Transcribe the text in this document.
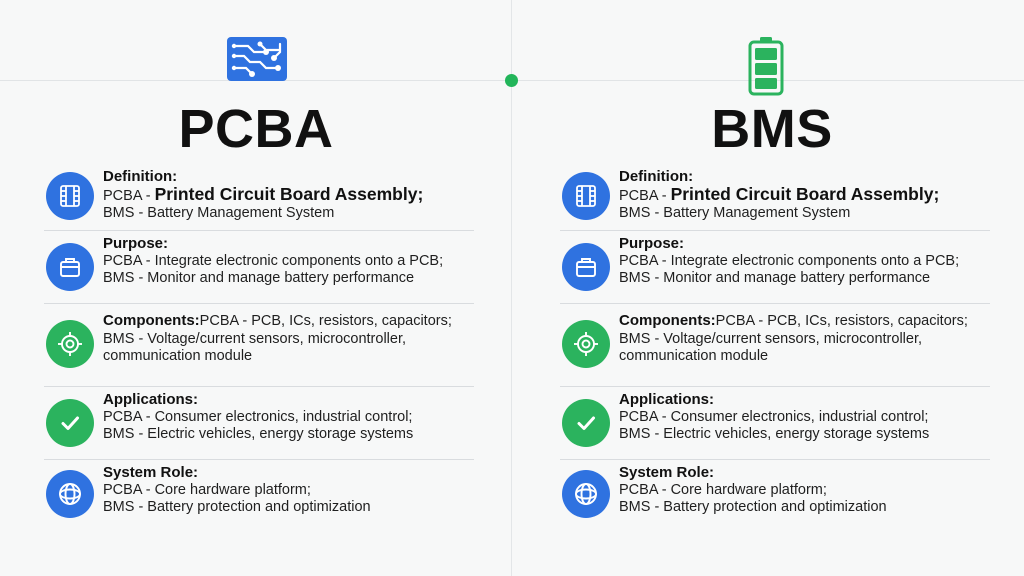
PCBA
Definition:
PCBA - Printed Circuit Board Assembly;
BMS - Battery Management System
Purpose:
PCBA - Integrate electronic components onto a PCB;
BMS - Monitor and manage battery performance
Components:PCBA - PCB, ICs, resistors, capacitors;
BMS - Voltage/current sensors, microcontroller,
communication module
Applications:
PCBA - Consumer electronics, industrial control;
BMS - Electric vehicles, energy storage systems
System Role:
PCBA - Core hardware platform;
BMS - Battery protection and optimization
BMS
Definition:
PCBA - Printed Circuit Board Assembly;
BMS - Battery Management System
Purpose:
PCBA - Integrate electronic components onto a PCB;
BMS - Monitor and manage battery performance
Components:PCBA - PCB, ICs, resistors, capacitors;
BMS - Voltage/current sensors, microcontroller,
communication module
Applications:
PCBA - Consumer electronics, industrial control;
BMS - Electric vehicles, energy storage systems
System Role:
PCBA - Core hardware platform;
BMS - Battery protection and optimization
